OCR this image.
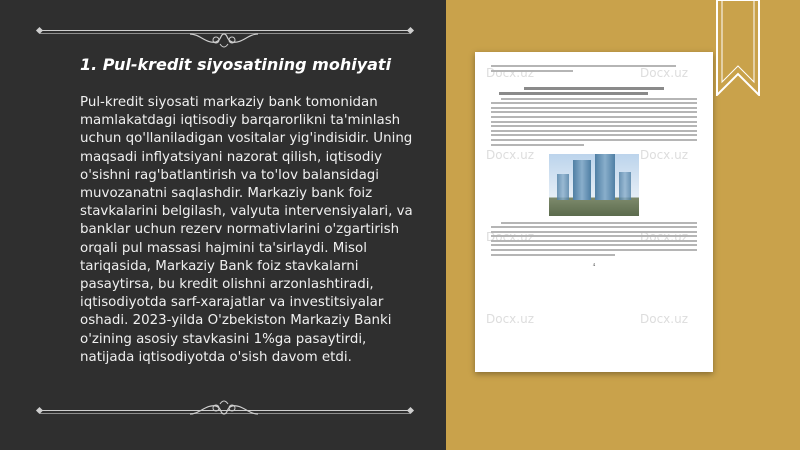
1. Pul-kredit siyosatining mohiyati

Pul-kredit siyosati markaziy bank tomonidan mamlakatdagi iqtisodiy barqarorlikni ta'minlash uchun qo'llaniladigan vositalar yig'indisidir. Uning maqsadi inflyatsiyani nazorat qilish, iqtisodiy o'sishni rag'batlantirish va to'lov balansidagi muvozanatni saqlashdir. Markaziy bank foiz stavkalarini belgilash, valyuta intervensiyalari, va banklar uchun rezerv normativlarini o'zgartirish orqali pul massasi hajmini ta'sirlaydi. Misol tariqasida, Markaziy Bank foiz stavkalarni pasaytirsa, bu kredit olishni arzonlashtiradi, iqtisodiyotda sarf-xarajatlar va investitsiyalar oshadi. 2023-yilda O'zbekiston Markaziy Banki o'zining asosiy stavkasini 1%ga pasaytirdi, natijada iqtisodiyotda o'sish davom etdi.

4
Docx.uz	Docx.uz
Docx.uz	Docx.uz
Docx.uz	Docx.uz
Docx.uz	Docx.uz
